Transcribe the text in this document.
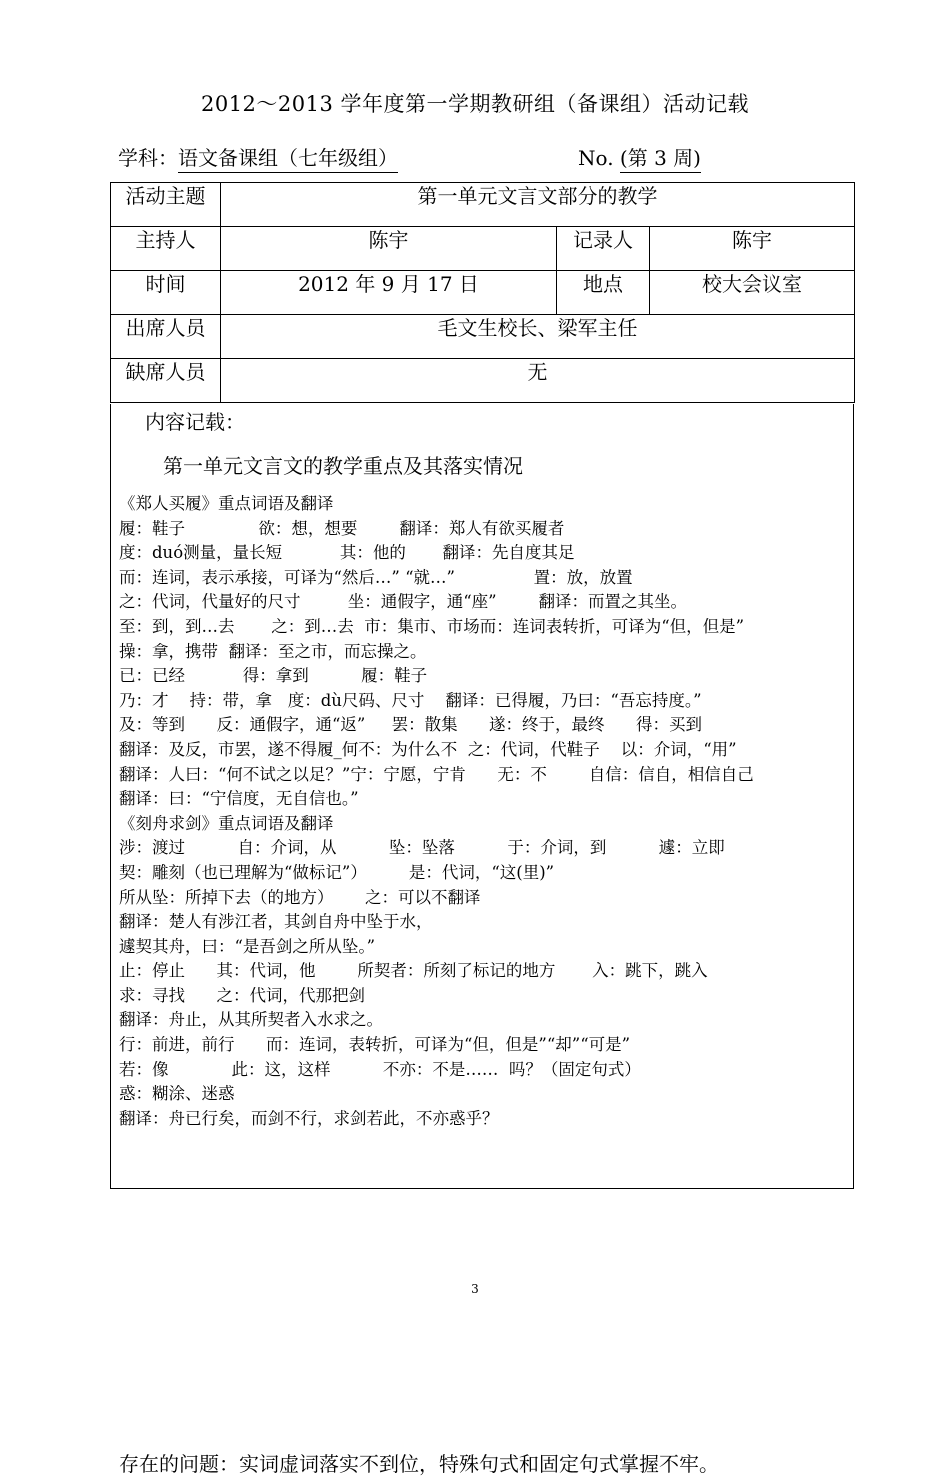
2012～2013 学年度第一学期教研组（备课组）活动记载
学科：语文备课组（七年级组）	No. (第 3 周)
活动主题	第一单元文言文部分的教学		
主持人	陈宇	记录人	陈宇
时间	2012 年 9 月 17 日	地点	校大会议室
出席人员	毛文生校长、梁军主任		
缺席人员	无		
内容记载：
第一单元文言文的教学重点及其落实情况
《郑人买履》重点词语及翻译
履：鞋子              欲：想，想要        翻译：郑人有欲买履者
度：duó测量，量长短           其：他的       翻译：先自度其足
而：连词，表示承接，可译为“然后…” “就…”               置：放，放置
之：代词，代量好的尺寸         坐：通假字，通“座”        翻译：而置之其坐。
至：到，到…去       之：到…去  市：集市、市场而：连词表转折，可译为“但，但是”
操：拿，携带  翻译：至之市，而忘操之。
已：已经           得：拿到          履：鞋子
乃：才    持：带，拿   度：dù尺码、尺寸    翻译：已得履，乃曰：“吾忘持度。”
及：等到      反：通假字，通“返”     罢：散集      遂：终于，最终      得：买到
翻译：及反，市罢，遂不得履_何不：为什么不  之：代词，代鞋子    以：介词，“用”
翻译：人曰：“何不试之以足？”宁：宁愿，宁肯      无：不        自信：信自，相信自己
翻译：曰：“宁信度，无自信也。”
《刻舟求剑》重点词语及翻译
涉：渡过          自：介词，从          坠：坠落          于：介词，到          遽：立即
契：雕刻（也已理解为“做标记”）        是：代词，“这(里)”
所从坠：所掉下去（的地方）      之：可以不翻译
翻译：楚人有涉江者，其剑自舟中坠于水，
遽契其舟，曰：“是吾剑之所从坠。”
止：停止      其：代词，他        所契者：所刻了标记的地方       入：跳下，跳入
求：寻找      之：代词，代那把剑
翻译：舟止，从其所契者入水求之。
行：前进，前行      而：连词，表转折，可译为“但，但是”“却”“可是”
若：像            此：这，这样          不亦：不是……  吗？（固定句式）
惑：糊涂、迷惑
翻译：舟已行矣，而剑不行，求剑若此，不亦惑乎？
存在的问题：实词虚词落实不到位，特殊句式和固定句式掌握不牢。
3
